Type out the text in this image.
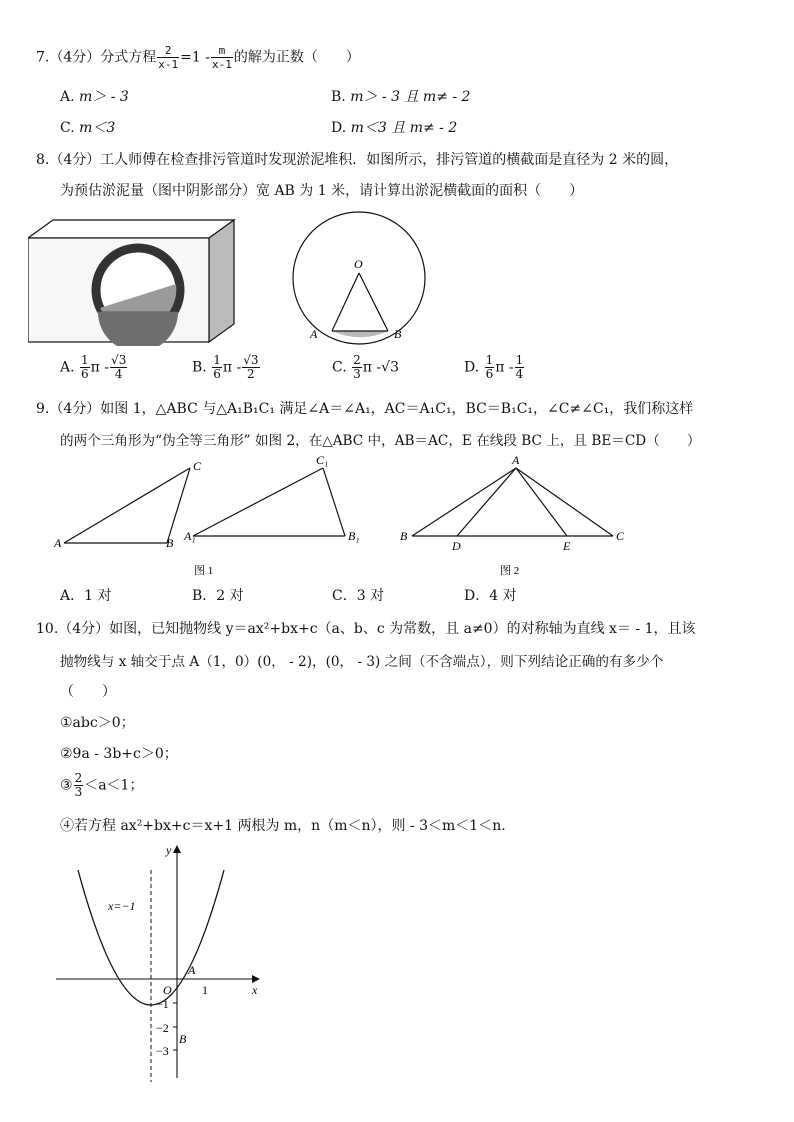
7.（4分）分式方程 $\frac{2}{x-1} =1 - \frac{m}{x-1}$ 的解为正数（　　）
A. m＞ - 3	B. m＞ - 3 且 m≠ - 2
C. m＜3	D. m＜3 且 m≠ - 2
8.（4分）工人师傅在检查排污管道时发现淤泥堆积．如图所示，排污管道的横截面是直径为 2 米的圆，
为预估淤泥量（图中阴影部分）宽 AB 为 1 米，请计算出淤泥横截面的面积（　　）
O
A	B
A. $\frac{1}{6}$ π - $\frac{√3}{4}$	B. $\frac{1}{6}$ π - $\frac{√3}{2}$	C. $\frac{2}{3}$ π -√3	D. $\frac{1}{6}$ π - $\frac{1}{4}$
9.（4分）如图 1，△ABC 与△A₁B₁C₁ 满足∠A＝∠A₁，AC＝A₁C₁，BC＝B₁C₁，∠C≠∠C₁，我们称这样
的两个三角形为“伪全等三角形” 如图 2，在△ABC 中，AB＝AC，E 在线段 BC 上，且 BE＝CD（　　）
C
A	B
C₁
A₁	B₁
图 1
A
B
D	E
C
图 2
A．1 对	B．2 对	C．3 对	D．4 对
10.（4分）如图，已知抛物线 y＝ax²+bx+c（a、b、c 为常数，且 a≠0）的对称轴为直线 x＝ - 1，且该
抛物线与 x 轴交于点 A（1，0）(0， - 2)，(0， - 3) 之间（不含端点），则下列结论正确的有多少个
（　　）
①abc＞0；
②9a - 3b+c＞0；
③ $\frac{2}{3} <a<1$；
④若方程 ax²+bx+c＝x+1 两根为 m，n（m＜n），则 - 3＜m＜1＜n.
y
x
O
A
1
−1
−2
−3
B
x=−1
